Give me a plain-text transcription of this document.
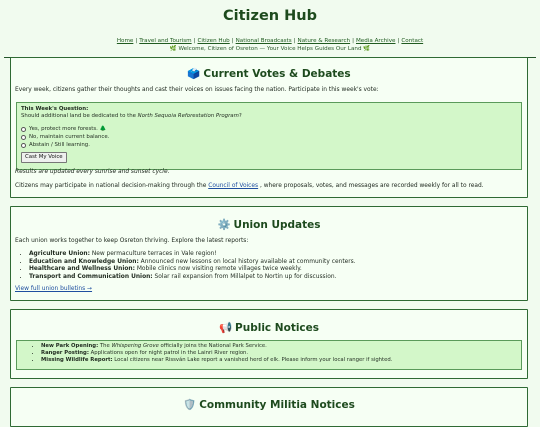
Citizen Hub
Home | Travel and Tourism | Citizen Hub | National Broadcasts | Nature & Research | Media Archive | Contact
🌿 Welcome, Citizen of Osreton — Your Voice Helps Guides Our Land 🌿
🗳️ Current Votes & Debates
Every week, citizens gather their thoughts and cast their voices on issues facing the nation. Participate in this week's vote:
This Week's Question:
Should additional land be dedicated to the North Sequoia Reforestation Program?
Yes, protect more forests. 🌲
No, maintain current balance.
Abstain / Still learning.
Cast My Voice
Results are updated every sunrise and sunset cycle.
Citizens may participate in national decision-making through the Council of Voices , where proposals, votes, and messages are recorded weekly for all to read.
⚙️ Union Updates
Each union works together to keep Osreton thriving. Explore the latest reports:
• Agriculture Union: New permaculture terraces in Vale region!
• Education and Knowledge Union: Announced new lessons on local history available at community centers.
• Healthcare and Wellness Union: Mobile clinics now visiting remote villages twice weekly.
• Transport and Communication Union: Solar rail expansion from Millalpet to Nortin up for discussion.
View full union bulletins →
📢 Public Notices
• New Park Opening: The Whispering Grove officially joins the National Park Service.
• Ranger Posting: Applications open for night patrol in the Lainri River region.
• Missing Wildlife Report: Local citizens near Rissván Lake report a vanished herd of elk. Please inform your local ranger if sighted.
🛡️ Community Militia Notices
